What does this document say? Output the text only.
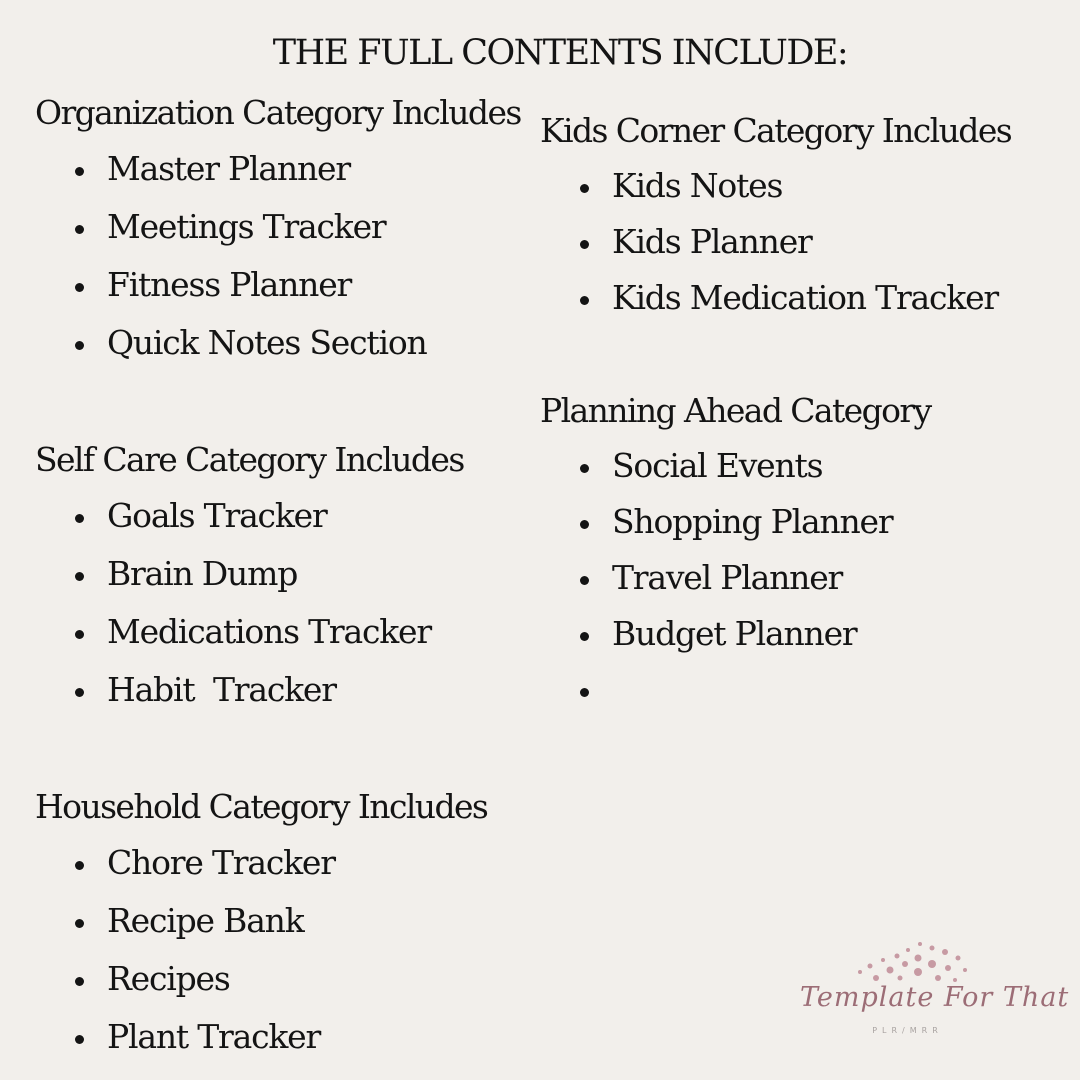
THE FULL CONTENTS INCLUDE:
Organization Category Includes
Master Planner
Meetings Tracker
Fitness Planner
Quick Notes Section
Self Care Category Includes
Goals Tracker
Brain Dump
Medications Tracker
Habit  Tracker
Household Category Includes
Chore Tracker
Recipe Bank
Recipes
Plant Tracker
Kids Corner Category Includes
Kids Notes
Kids Planner
Kids Medication Tracker
Planning Ahead Category
Social Events
Shopping Planner
Travel Planner
Budget Planner
Template For That
PLR/MRR
